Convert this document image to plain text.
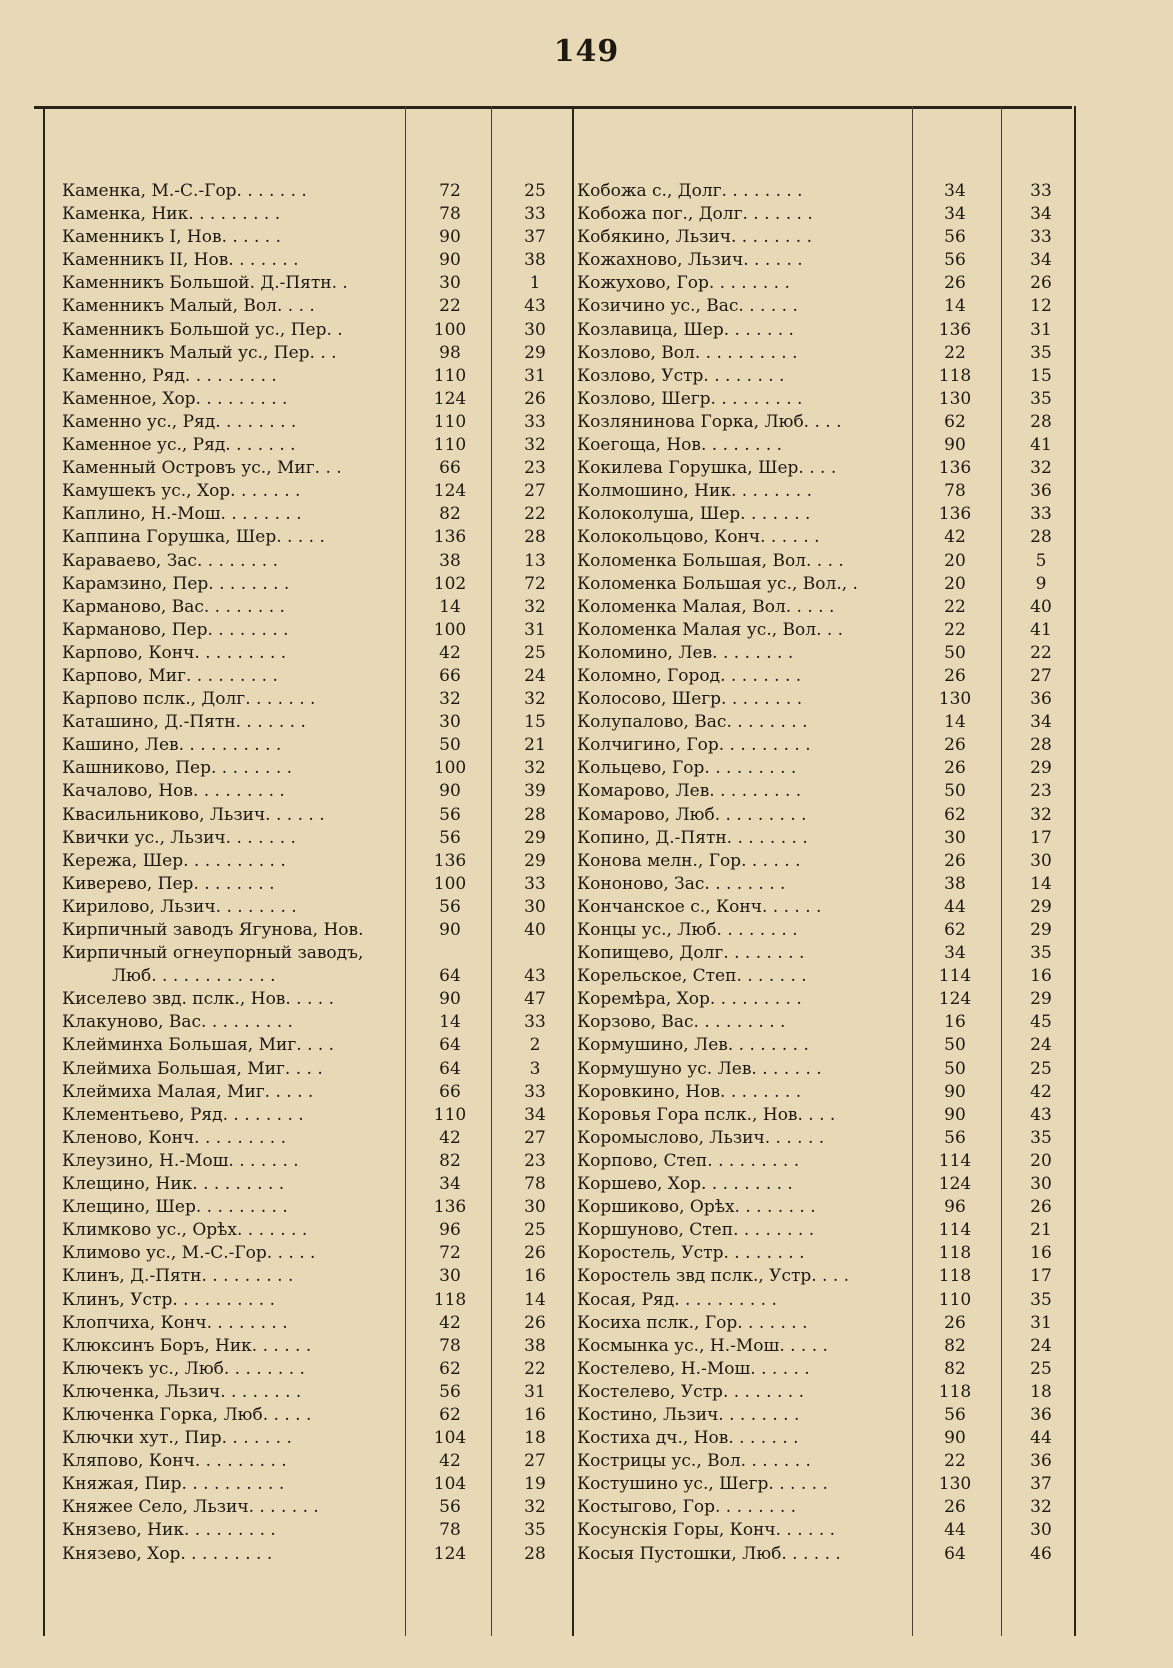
149
Каменка, М.-С.-Гор. . . . . . .	72	25	Кобожа с., Долг. . . . . . . .	34	33
Каменка, Ник. . . . . . . . .	78	33	Кобожа пог., Долг. . . . . . .	34	34
Каменникъ I, Нов. . . . . .	90	37	Кобякино, Льзич. . . . . . . .	56	33
Каменникъ II, Нов. . . . . . .	90	38	Кожахново, Льзич. . . . . .	56	34
Каменникъ Большой. Д.-Пятн. .	30	1	Кожухово, Гор. . . . . . . .	26	26
Каменникъ Малый, Вол. . . .	22	43	Козичино ус., Вас. . . . . .	14	12
Каменникъ Большой ус., Пер. .	100	30	Козлавица, Шер. . . . . . .	136	31
Каменникъ Малый ус., Пер. . .	98	29	Козлово, Вол. . . . . . . . . .	22	35
Каменно, Ряд. . . . . . . . .	110	31	Козлово, Устр. . . . . . . .	118	15
Каменное, Хор. . . . . . . . .	124	26	Козлово, Шегр. . . . . . . . .	130	35
Каменно ус., Ряд. . . . . . . .	110	33	Козлянинова Горка, Люб. . . .	62	28
Каменное ус., Ряд. . . . . . .	110	32	Коегоща, Нов. . . . . . . .	90	41
Каменный Островъ ус., Миг. . .	66	23	Кокилева Горушка, Шер. . . .	136	32
Камушекъ ус., Хор. . . . . . .	124	27	Колмошино, Ник. . . . . . . .	78	36
Каплино, Н.-Мош. . . . . . . .	82	22	Колоколуша, Шер. . . . . . .	136	33
Каппина Горушка, Шер. . . . .	136	28	Колокольцово, Конч. . . . . .	42	28
Караваево, Зас. . . . . . . .	38	13	Коломенка Большая, Вол. . . .	20	5
Карамзино, Пер. . . . . . . .	102	72	Коломенка Большая ус., Вол., .	20	9
Карманово, Вас. . . . . . . .	14	32	Коломенка Малая, Вол. . . . .	22	40
Карманово, Пер. . . . . . . .	100	31	Коломенка Малая ус., Вол. . .	22	41
Карпово, Конч. . . . . . . . .	42	25	Коломино, Лев. . . . . . . .	50	22
Карпово, Миг. . . . . . . . .	66	24	Коломно, Город. . . . . . . .	26	27
Карпово пслк., Долг. . . . . . .	32	32	Колосово, Шегр. . . . . . . .	130	36
Каташино, Д.-Пятн. . . . . . .	30	15	Колупалово, Вас. . . . . . . .	14	34
Кашино, Лев. . . . . . . . . .	50	21	Колчигино, Гор. . . . . . . . .	26	28
Кашниково, Пер. . . . . . . .	100	32	Кольцево, Гор. . . . . . . . .	26	29
Качалово, Нов. . . . . . . . .	90	39	Комарово, Лев. . . . . . . . .	50	23
Квасильниково, Льзич. . . . . .	56	28	Комарово, Люб. . . . . . . . .	62	32
Квички ус., Льзич. . . . . . .	56	29	Копино, Д.-Пятн. . . . . . . .	30	17
Кережа, Шер. . . . . . . . . .	136	29	Конова мелн., Гор. . . . . .	26	30
Киверево, Пер. . . . . . . .	100	33	Кононово, Зас. . . . . . . .	38	14
Кирилово, Льзич. . . . . . . .	56	30	Кончанское с., Конч. . . . . .	44	29
Кирпичный заводъ Ягунова, Нов.	90	40	Концы ус., Люб. . . . . . . .	62	29
Кирпичный огнеупорный заводъ,	Копищево, Долг. . . . . . . .	34	35
Люб. . . . . . . . . . . .	64	43	Корельское, Степ. . . . . . .	114	16
Киселево звд. пслк., Нов. . . . .	90	47	Коремѣра, Хор. . . . . . . . .	124	29
Клакуново, Вас. . . . . . . . .	14	33	Корзово, Вас. . . . . . . . .	16	45
Клейминха Большая, Миг. . . .	64	2	Кормушино, Лев. . . . . . . .	50	24
Клеймиха Большая, Миг. . . .	64	3	Кормушуно ус. Лев. . . . . . .	50	25
Клеймиха Малая, Миг. . . . .	66	33	Коровкино, Нов. . . . . . . .	90	42
Клементьево, Ряд. . . . . . . .	110	34	Коровья Гора пслк., Нов. . . .	90	43
Кленово, Конч. . . . . . . . .	42	27	Коромыслово, Льзич. . . . . .	56	35
Клеузино, Н.-Мош. . . . . . .	82	23	Корпово, Степ. . . . . . . . .	114	20
Клещино, Ник. . . . . . . . .	34	78	Коршево, Хор. . . . . . . . .	124	30
Клещино, Шер. . . . . . . . .	136	30	Коршиково, Орѣх. . . . . . . .	96	26
Климково ус., Орѣх. . . . . . .	96	25	Коршуново, Степ. . . . . . . .	114	21
Климово ус., М.-С.-Гор. . . . .	72	26	Коростель, Устр. . . . . . . .	118	16
Клинъ, Д.-Пятн. . . . . . . . .	30	16	Коростель звд пслк., Устр. . . .	118	17
Клинъ, Устр. . . . . . . . . .	118	14	Косая, Ряд. . . . . . . . . .	110	35
Клопчиха, Конч. . . . . . . .	42	26	Косиха пслк., Гор. . . . . . .	26	31
Клюксинъ Боръ, Ник. . . . . .	78	38	Космынка ус., Н.-Мош. . . . .	82	24
Ключекъ ус., Люб. . . . . . . .	62	22	Костелево, Н.-Мош. . . . . .	82	25
Ключенка, Льзич. . . . . . . .	56	31	Костелево, Устр. . . . . . . .	118	18
Ключенка Горка, Люб. . . . .	62	16	Костино, Льзич. . . . . . . .	56	36
Ключки хут., Пир. . . . . . .	104	18	Костиха дч., Нов. . . . . . .	90	44
Кляпово, Конч. . . . . . . . .	42	27	Кострицы ус., Вол. . . . . . .	22	36
Княжая, Пир. . . . . . . . . .	104	19	Костушино ус., Шегр. . . . . .	130	37
Княжее Село, Льзич. . . . . . .	56	32	Костыгово, Гор. . . . . . . .	26	32
Князево, Ник. . . . . . . . .	78	35	Косунскія Горы, Конч. . . . . .	44	30
Князево, Хор. . . . . . . . .	124	28	Косыя Пустошки, Люб. . . . . .	64	46
